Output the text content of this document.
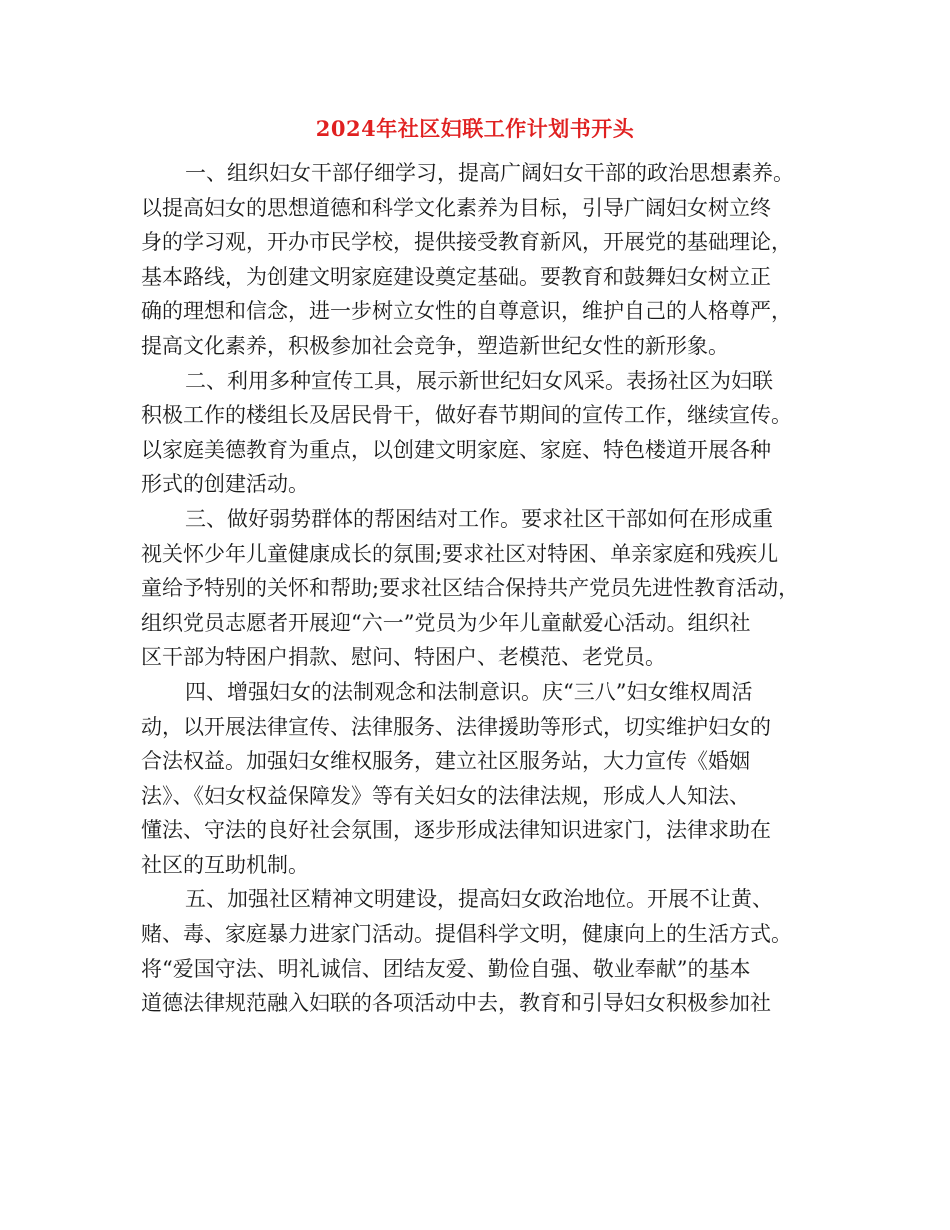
2024年社区妇联工作计划书开头
一、组织妇女干部仔细学习，提高广阔妇女干部的政治思想素养。
以提高妇女的思想道德和科学文化素养为目标，引导广阔妇女树立终
身的学习观，开办市民学校，提供接受教育新风，开展党的基础理论，
基本路线，为创建文明家庭建设奠定基础。要教育和鼓舞妇女树立正
确的理想和信念，进一步树立女性的自尊意识，维护自己的人格尊严，
提高文化素养，积极参加社会竞争，塑造新世纪女性的新形象。
二、利用多种宣传工具，展示新世纪妇女风采。表扬社区为妇联
积极工作的楼组长及居民骨干，做好春节期间的宣传工作，继续宣传。
以家庭美德教育为重点，以创建文明家庭、家庭、特色楼道开展各种
形式的创建活动。
三、做好弱势群体的帮困结对工作。要求社区干部如何在形成重
视关怀少年儿童健康成长的氛围;要求社区对特困、单亲家庭和残疾儿
童给予特别的关怀和帮助;要求社区结合保持共产党员先进性教育活动，
组织党员志愿者开展迎“六一”党员为少年儿童献爱心活动。组织社
区干部为特困户捐款、慰问、特困户、老模范、老党员。
四、增强妇女的法制观念和法制意识。庆“三八”妇女维权周活
动，以开展法律宣传、法律服务、法律援助等形式，切实维护妇女的
合法权益。加强妇女维权服务，建立社区服务站，大力宣传《婚姻
法》、《妇女权益保障发》等有关妇女的法律法规，形成人人知法、
懂法、守法的良好社会氛围，逐步形成法律知识进家门，法律求助在
社区的互助机制。
五、加强社区精神文明建设，提高妇女政治地位。开展不让黄、
赌、毒、家庭暴力进家门活动。提倡科学文明，健康向上的生活方式。
将“爱国守法、明礼诚信、团结友爱、勤俭自强、敬业奉献”的基本
道德法律规范融入妇联的各项活动中去，教育和引导妇女积极参加社
